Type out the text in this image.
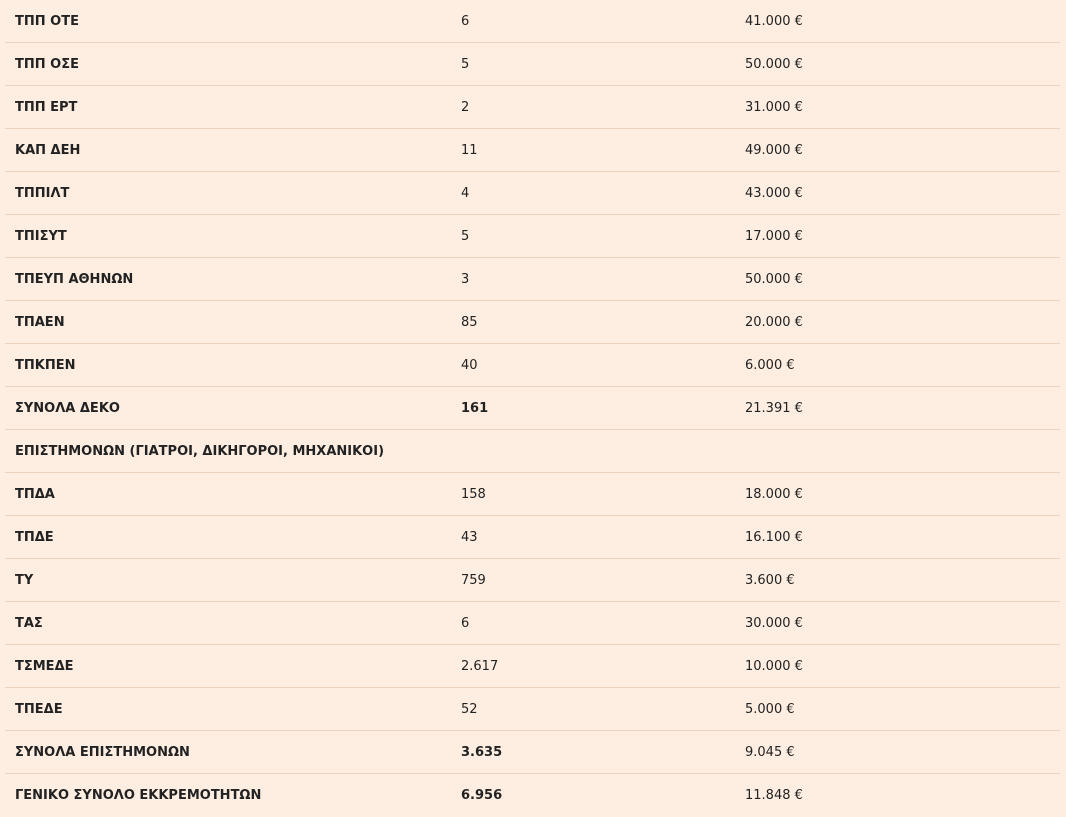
ΤΠΠ ΟΤΕ	6	41.000 €
ΤΠΠ ΟΣΕ	5	50.000 €
ΤΠΠ ΕΡΤ	2	31.000 €
ΚΑΠ ΔΕΗ	11	49.000 €
ΤΠΠΙΛΤ	4	43.000 €
ΤΠΙΣΥΤ	5	17.000 €
ΤΠΕΥΠ ΑΘΗΝΩΝ	3	50.000 €
ΤΠΑΕΝ	85	20.000 €
ΤΠΚΠΕΝ	40	6.000 €
ΣΥΝΟΛΑ ΔΕΚΟ	161	21.391 €
ΕΠΙΣΤΗΜΟΝΩΝ (ΓΙΑΤΡΟΙ, ΔΙΚΗΓΟΡΟΙ, ΜΗΧΑΝΙΚΟΙ)
ΤΠΔΑ	158	18.000 €
ΤΠΔΕ	43	16.100 €
ΤΥ	759	3.600 €
ΤΑΣ	6	30.000 €
ΤΣΜΕΔΕ	2.617	10.000 €
ΤΠΕΔΕ	52	5.000 €
ΣΥΝΟΛΑ ΕΠΙΣΤΗΜΟΝΩΝ	3.635	9.045 €
ΓΕΝΙΚΟ ΣΥΝΟΛΟ ΕΚΚΡΕΜΟΤΗΤΩΝ	6.956	11.848 €
